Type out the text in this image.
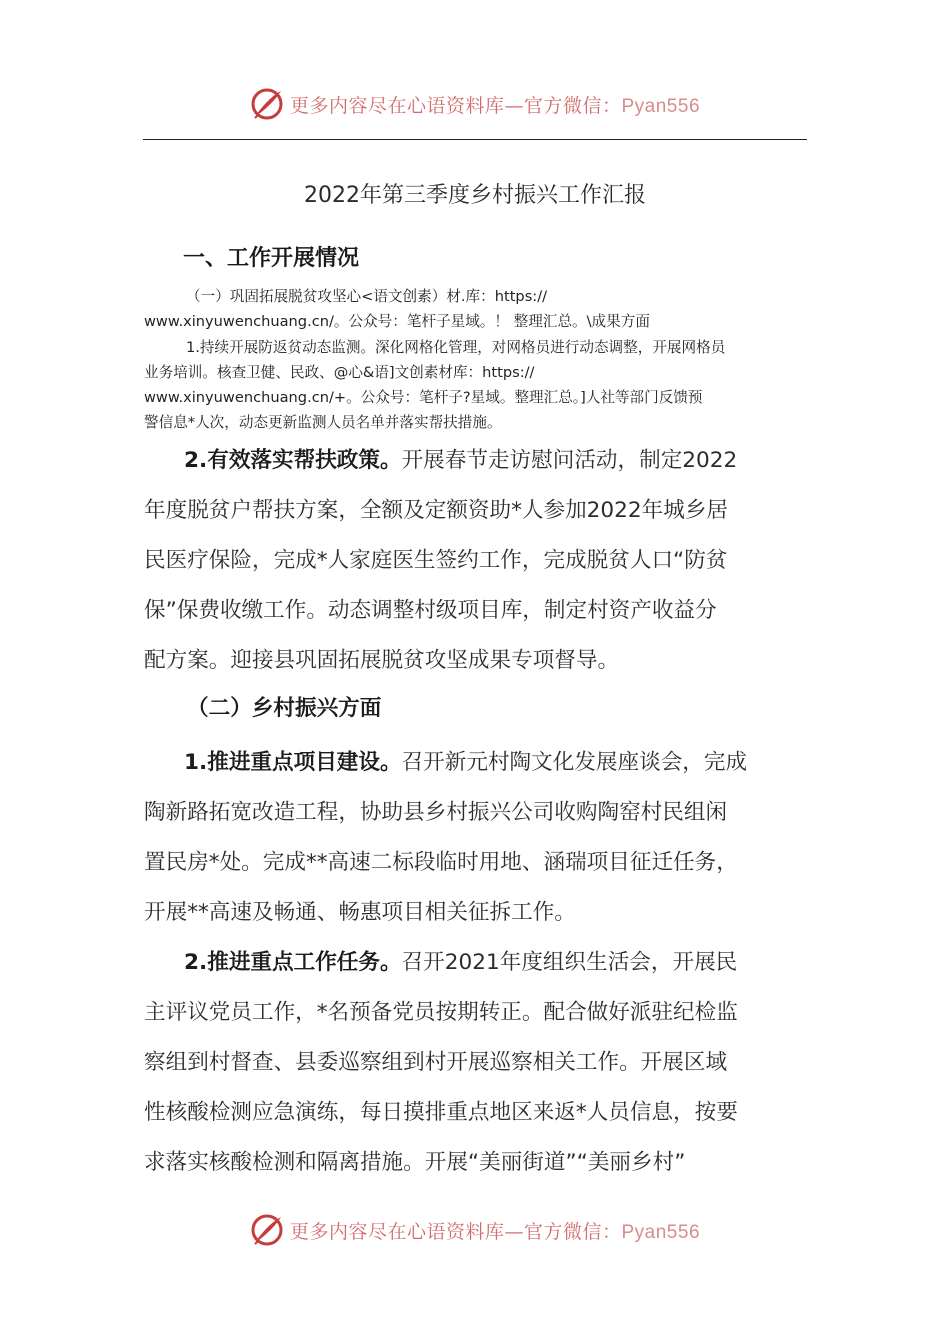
更多内容尽在心语资料库—官方微信：Pyan556
2022年第三季度乡村振兴工作汇报
一、工作开展情况
（一）巩固拓展脱贫攻坚心<语文创素）材.库：https://
www.xinyuwenchuang.cn/。公众号：笔杆子星域。！ 整理汇总。\成果方面
1.持续开展防返贫动态监测。深化网格化管理，对网格员进行动态调整，开展网格员
业务培训。核查卫健、民政、@心&语]文创素材库：https://
www.xinyuwenchuang.cn/+。公众号：笔杆子?星域。整理汇总。]人社等部门反馈预
警信息*人次，动态更新监测人员名单并落实帮扶措施。
2.有效落实帮扶政策。开展春节走访慰问活动，制定2022
年度脱贫户帮扶方案，全额及定额资助*人参加2022年城乡居
民医疗保险，完成*人家庭医生签约工作，完成脱贫人口“防贫
保”保费收缴工作。动态调整村级项目库，制定村资产收益分
配方案。迎接县巩固拓展脱贫攻坚成果专项督导。
（二）乡村振兴方面
1.推进重点项目建设。召开新元村陶文化发展座谈会，完成
陶新路拓宽改造工程，协助县乡村振兴公司收购陶窑村民组闲
置民房*处。完成**高速二标段临时用地、涵瑞项目征迁任务，
开展**高速及畅通、畅惠项目相关征拆工作。
2.推进重点工作任务。召开2021年度组织生活会，开展民
主评议党员工作，*名预备党员按期转正。配合做好派驻纪检监
察组到村督查、县委巡察组到村开展巡察相关工作。开展区域
性核酸检测应急演练，每日摸排重点地区来返*人员信息，按要
求落实核酸检测和隔离措施。开展“美丽街道”“美丽乡村”
更多内容尽在心语资料库—官方微信：Pyan556
